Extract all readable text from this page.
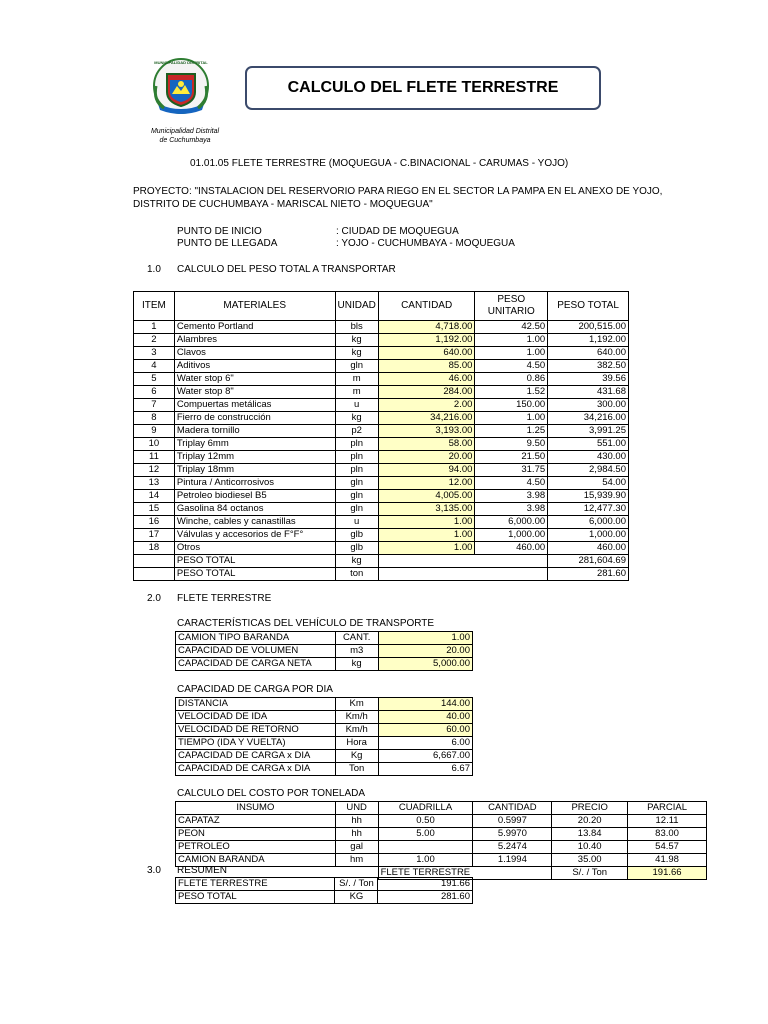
MUNICIPALIDAD DISTRITAL
CUCHUMBAYA
Municipalidad Distrital
de Cuchumbaya
CALCULO DEL FLETE TERRESTRE
01.01.05 FLETE TERRESTRE (MOQUEGUA - C.BINACIONAL - CARUMAS - YOJO)
PROYECTO: "INSTALACION DEL RESERVORIO PARA RIEGO EN EL SECTOR LA PAMPA EN EL ANEXO DE YOJO,
DISTRITO DE CUCHUMBAYA - MARISCAL NIETO - MOQUEGUA"
PUNTO DE INICIO	: CIUDAD DE MOQUEGUA
PUNTO DE LLEGADA	: YOJO - CUCHUMBAYA - MOQUEGUA
1.0 CALCULO DEL PESO TOTAL A TRANSPORTAR
ITEM	MATERIALES	UNIDAD	CANTIDAD	PESO UNITARIO	PESO TOTAL
1	Cemento Portland	bls	4,718.00	42.50	200,515.00
2	Alambres	kg	1,192.00	1.00	1,192.00
3	Clavos	kg	640.00	1.00	640.00
4	Aditivos	gln	85.00	4.50	382.50
5	Water stop 6"	m	46.00	0.86	39.56
6	Water stop 8"	m	284.00	1.52	431.68
7	Compuertas metálicas	u	2.00	150.00	300.00
8	Fierro de construcción	kg	34,216.00	1.00	34,216.00
9	Madera tornillo	p2	3,193.00	1.25	3,991.25
10	Triplay 6mm	pln	58.00	9.50	551.00
11	Triplay 12mm	pln	20.00	21.50	430.00
12	Triplay 18mm	pln	94.00	31.75	2,984.50
13	Pintura / Anticorrosivos	gln	12.00	4.50	54.00
14	Petroleo biodiesel B5	gln	4,005.00	3.98	15,939.90
15	Gasolina 84 octanos	gln	3,135.00	3.98	12,477.30
16	Winche, cables y canastillas	u	1.00	6,000.00	6,000.00
17	Válvulas y accesorios de F°F°	glb	1.00	1,000.00	1,000.00
18	Otros	glb	1.00	460.00	460.00
	PESO TOTAL	kg			281,604.69
	PESO TOTAL	ton			281.60
2.0 FLETE TERRESTRE
CARACTERÍSTICAS DEL VEHÍCULO DE TRANSPORTE
CAMION TIPO BARANDA	CANT.	1.00
CAPACIDAD DE VOLUMEN	m3	20.00
CAPACIDAD DE CARGA NETA	kg	5,000.00
CAPACIDAD DE CARGA POR DIA
DISTANCIA	Km	144.00
VELOCIDAD DE IDA	Km/h	40.00
VELOCIDAD DE RETORNO	Km/h	60.00
TIEMPO (IDA Y VUELTA)	Hora	6.00
CAPACIDAD DE CARGA x DIA	Kg	6,667.00
CAPACIDAD DE CARGA x DIA	Ton	6.67
CALCULO DEL COSTO POR TONELADA
INSUMO	UND	CUADRILLA	CANTIDAD	PRECIO	PARCIAL
CAPATAZ	hh	0.50	0.5997	20.20	12.11
PEON	hh	5.00	5.9970	13.84	83.00
PETROLEO	gal		5.2474	10.40	54.57
CAMION BARANDA	hm	1.00	1.1994	35.00	41.98
		FLETE TERRESTRE		S/. / Ton	191.66
3.0 RESUMEN
FLETE TERRESTRE	S/. / Ton	191.66
PESO TOTAL	KG	281.60
